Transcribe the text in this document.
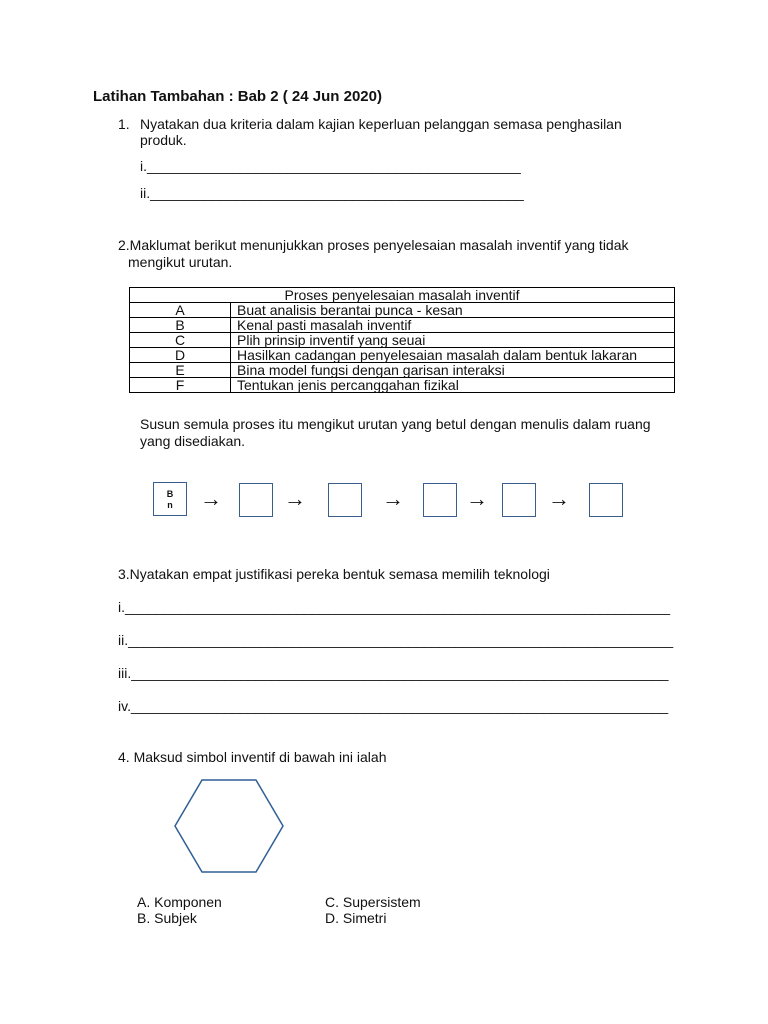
Latihan Tambahan : Bab 2 ( 24 Jun 2020)
1. Nyatakan dua kriteria dalam kajian keperluan pelanggan semasa penghasilan
produk.
i.________________________________________________
ii.________________________________________________
2.Maklumat berikut menunjukkan proses penyelesaian masalah inventif yang tidak
mengikut urutan.
Proses penyelesaian masalah inventif	
A	Buat analisis berantai punca - kesan
B	Kenal pasti masalah inventif
C	Plih prinsip inventif yang seuai
D	Hasilkan cadangan penyelesaian masalah dalam bentuk lakaran
E	Bina model fungsi dengan garisan interaksi
F	Tentukan jenis percanggahan fizikal
Susun semula proses itu mengikut urutan yang betul dengan menulis dalam ruang
yang disediakan.
B
n	→	→	→	→	→
3.Nyatakan empat justifikasi pereka bentuk semasa memilih teknologi
i.______________________________________________________________________
ii.______________________________________________________________________
iii._____________________________________________________________________
iv._____________________________________________________________________
4. Maksud simbol inventif di bawah ini ialah
A. Komponen
B. Subjek
C. Supersistem
D. Simetri
